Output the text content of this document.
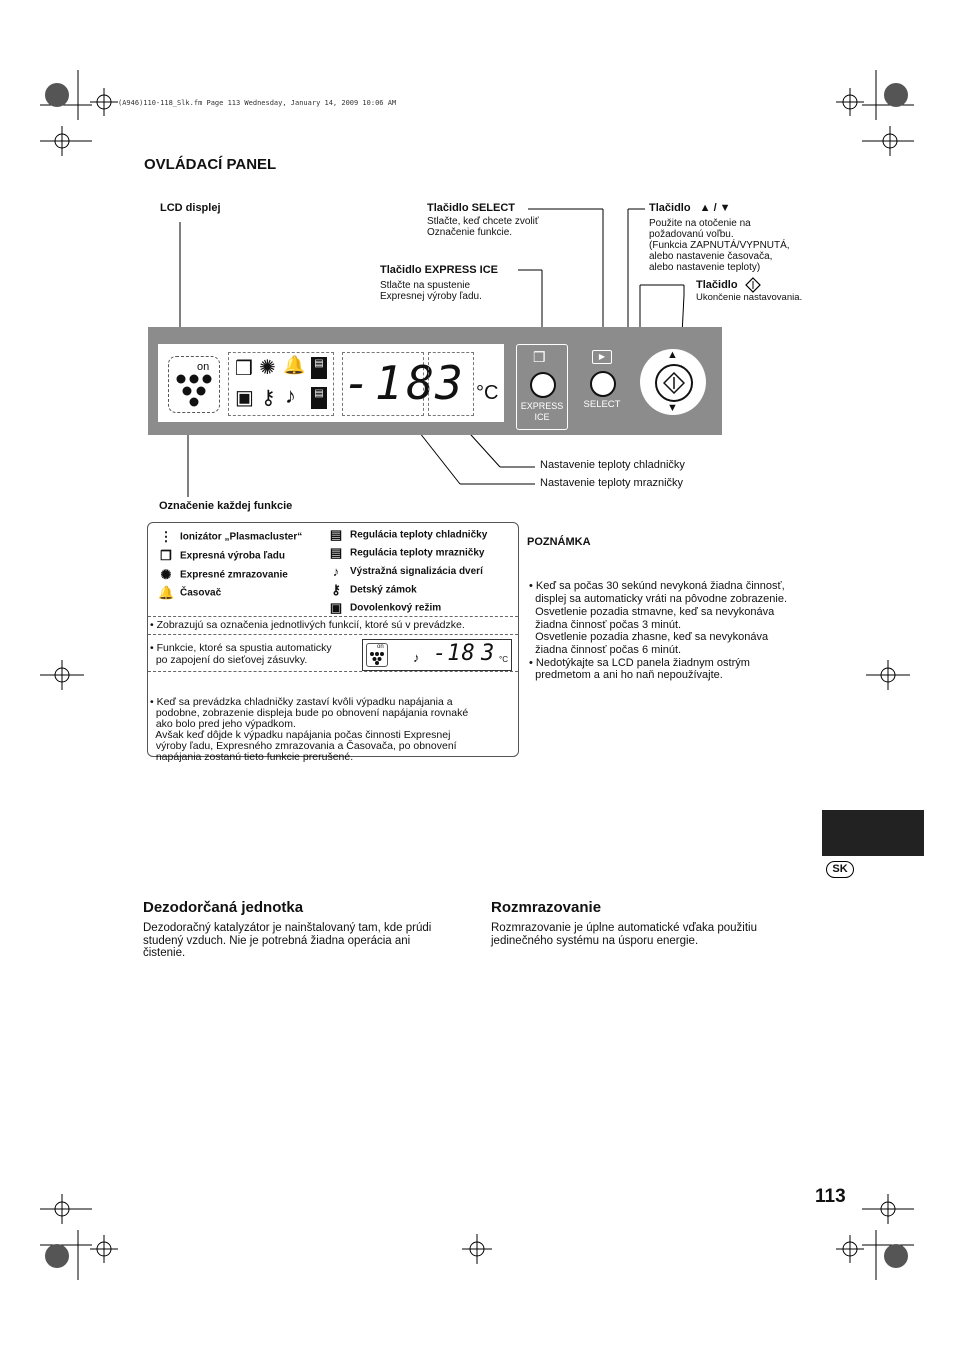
(A946)110-118_Slk.fm Page 113 Wednesday, January 14, 2009 10:06 AM
OVLÁDACÍ PANEL
LCD displej	Tlačidlo SELECT
Stlačte, keď chcete zvoliť
Označenie funkcie.
Tlačidlo EXPRESS ICE
Stlačte na spustenie
Expresnej výroby ľadu.
Tlačidlo ▲ / ▼
Použite na otočenie na
požadovanú voľbu.
(Funkcia ZAPNUTÁ/VYPNUTÁ,
alebo nastavenie časovača,
alebo nastavenie teploty)
Tlačidlo
Ukončenie nastavovania.
on ❒ ✺ 🔔 ▤
▣ ⚷ ♪	▤ -18
3 °C
❒
EXPRESS
ICE
▶
SELECT
▲
▼
Nastavenie teploty chladničky
Nastavenie teploty mrazničky
Označenie každej funkcie
⋮ Ionizátor „Plasmacluster“
❒ Expresná výroba ľadu
✺ Expresné zmrazovanie
🔔 Časovač
▤ Regulácia teploty chladničky
▤ Regulácia teploty mrazničky
♪ Výstražná signalizácia dverí
⚷ Detský zámok
▣ Dovolenkový režim
• Zobrazujú sa označenia jednotlivých funkcií, ktoré sú v prevádzke.
• Funkcie, ktoré sa spustia automaticky
po zapojení do sieťovej zásuvky.
on
♪ -18 3 °C

• Keď sa prevádzka chladničky zastaví kvôli výpadku napájania a
podobne, zobrazenie displeja bude po obnovení napájania rovnaké
ako bolo pred jeho výpadkom.
Avšak keď dôjde k výpadku napájania počas činnosti Expresnej
výroby ľadu, Expresného zmrazovania a Časovača, po obnovení
napájania zostanú tieto funkcie prerušené.

POZNÁMKA

• Keď sa počas 30 sekúnd nevykoná žiadna činnosť,
displej sa automaticky vráti na pôvodne zobrazenie.
Osvetlenie pozadia stmavne, keď sa nevykonáva
žiadna činnosť počas 3 minút.
Osvetlenie pozadia zhasne, keď sa nevykonáva
žiadna činnosť počas 6 minút.
• Nedotýkajte sa LCD panela žiadnym ostrým
predmetom a ani ho naň nepoužívajte.

SK
Dezodorčaná jednotka
Dezodoračný katalyzátor je nainštalovaný tam, kde prúdi
studený vzduch. Nie je potrebná žiadna operácia ani
čistenie.
Rozmrazovanie
Rozmrazovanie je úplne automatické vďaka použitiu
jedinečného systému na úsporu energie.
113
